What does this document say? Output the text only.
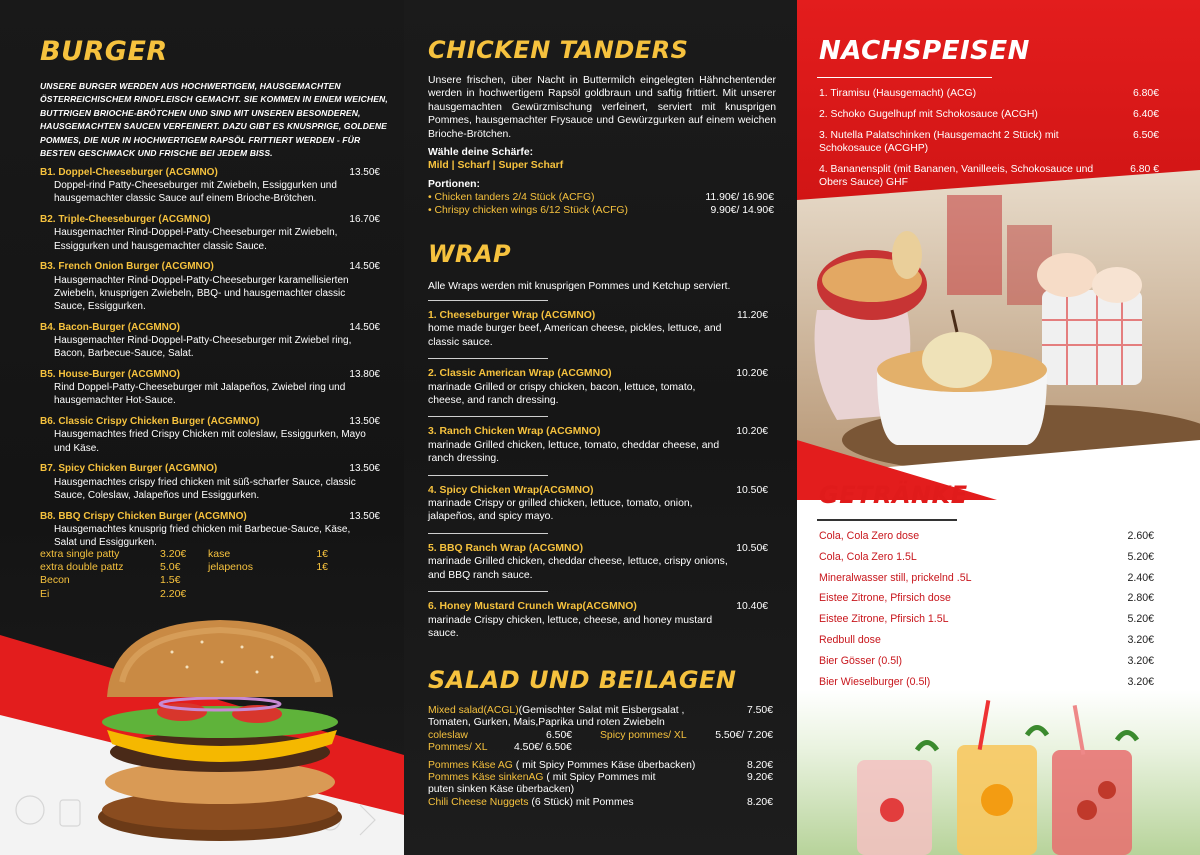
BURGER

UNSERE BURGER WERDEN AUS HOCHWERTIGEM, HAUSGEMACHTEN ÖSTERREICHISCHEM RINDFLEISCH GEMACHT. SIE KOMMEN IN EINEM WEICHEN, BUTTRIGEN BRIOCHE-BRÖTCHEN UND SIND MIT UNSEREN BESONDEREN, HAUSGEMACHTEN SAUCEN VERFEINERT. DAZU GIBT ES KNUSPRIGE, GOLDENE POMMES, DIE NUR IN HOCHWERTIGEM RAPSÖL FRITTIERT WERDEN - FÜR BESTEN GESCHMACK UND FRISCHE BEI JEDEM BISS.

B1. Doppel-Cheeseburger (ACGMNO)	13.50€
Doppel-rind Patty-Cheeseburger mit Zwiebeln, Essiggurken und hausgemachter classic Sauce auf einem Brioche-Brötchen.
B2. Triple-Cheeseburger (ACGMNO)	16.70€
Hausgemachter Rind-Doppel-Patty-Cheeseburger mit Zwiebeln, Essiggurken und hausgemachter classic Sauce.
B3. French Onion Burger (ACGMNO)	14.50€
Hausgemachter Rind-Doppel-Patty-Cheeseburger karamellisierten Zwiebeln, knusprigen Zwiebeln, BBQ- und hausgemachter classic Sauce, Essiggurken.
B4. Bacon-Burger (ACGMNO)	14.50€
Hausgemachter Rind-Doppel-Patty-Cheeseburger mit Zwiebel ring, Bacon, Barbecue-Sauce, Salat.
B5. House-Burger (ACGMNO)	13.80€
Rind Doppel-Patty-Cheeseburger mit Jalapeños, Zwiebel ring und hausgemachter Hot-Sauce.
B6. Classic Crispy Chicken Burger (ACGMNO)	13.50€
Hausgemachtes fried Crispy Chicken mit coleslaw, Essiggurken, Mayo und Käse.
B7. Spicy Chicken Burger (ACGMNO)	13.50€
Hausgemachtes crispy fried chicken mit süß-scharfer Sauce, classic Sauce, Coleslaw, Jalapeños und Essiggurken.
B8. BBQ Crispy Chicken Burger (ACGMNO)	13.50€
Hausgemachtes knusprig fried chicken mit Barbecue-Sauce, Käse, Salat und Essiggurken.
extra single patty	3.20€	kase	1€
extra double pattz	5.0€	jelapenos	1€
Becon	1.5€
Ei	2.20€
CHICKEN TANDERS

Unsere frischen, über Nacht in Buttermilch eingelegten Hähnchentender werden in hochwertigem Rapsöl goldbraun und saftig frittiert. Mit unserer hausgemachten Gewürzmischung verfeinert, serviert mit knusprigen Pommes, hausgemachter Frysauce und Gewürzgurken auf einem weichen Brioche-Brötchen.

Wähle deine Schärfe:
Mild | Scharf | Super Scharf
Portionen:
• Chicken tanders 2/4 Stück (ACFG)	11.90€/ 16.90€
• Chrispy chicken wings 6/12 Stück (ACFG)	9.90€/ 14.90€
WRAP

Alle Wraps werden mit knusprigen Pommes und Ketchup serviert.

1. Cheeseburger Wrap (ACGMNO)	11.20€
home made burger beef, American cheese, pickles, lettuce, and classic sauce.
2. Classic American Wrap (ACGMNO)	10.20€
marinade Grilled or crispy chicken, bacon, lettuce, tomato, cheese, and ranch dressing.
3. Ranch Chicken Wrap (ACGMNO)	10.20€
marinade Grilled chicken, lettuce, tomato, cheddar cheese, and ranch dressing.
4. Spicy Chicken Wrap(ACGMNO)	10.50€
marinade Crispy or grilled chicken, lettuce, tomato, onion, jalapeños, and spicy mayo.
5. BBQ Ranch Wrap (ACGMNO)	10.50€
marinade Grilled chicken, cheddar cheese, lettuce, crispy onions, and BBQ ranch sauce.
6. Honey Mustard Crunch Wrap(ACGMNO)	10.40€
marinade Crispy chicken, lettuce, cheese, and honey mustard sauce.
SALAD UND BEILAGEN
Mixed salad(ACGL)(Gemischter Salat mit Eisbergsalat ,	7.50€
Tomaten, Gurken, Mais,Paprika und roten Zwiebeln
coleslaw	6.50€	Spicy pommes/ XL	5.50€/ 7.20€
Pommes/ XL	4.50€/ 6.50€
Pommes Käse AG ( mit Spicy Pommes Käse überbacken)	8.20€
Pommes Käse sinkenAG ( mit Spicy Pommes mit	9.20€
puten sinken Käse überbacken)
Chili Cheese Nuggets (6 Stück) mit Pommes	8.20€
NACHSPEISEN
1. Tiramisu (Hausgemacht) (ACG)	6.80€
2. Schoko Gugelhupf mit Schokosauce (ACGH)	6.40€
3. Nutella Palatschinken (Hausgemacht 2 Stück) mit Schokosauce (ACGHP)
6.50€
4. Bananensplit (mit Bananen, Vanilleeis, Schokosauce und Obers Sauce) GHF
6.80 €
GETRÄNKE
Cola, Cola Zero dose	2.60€
Cola, Cola Zero 1.5L	5.20€
Mineralwasser still, prickelnd .5L	2.40€
Eistee Zitrone, Pfirsich dose	2.80€
Eistee Zitrone, Pfirsich 1.5L	5.20€
Redbull dose	3.20€
Bier Gösser (0.5l)	3.20€
Bier Wieselburger (0.5l)	3.20€
